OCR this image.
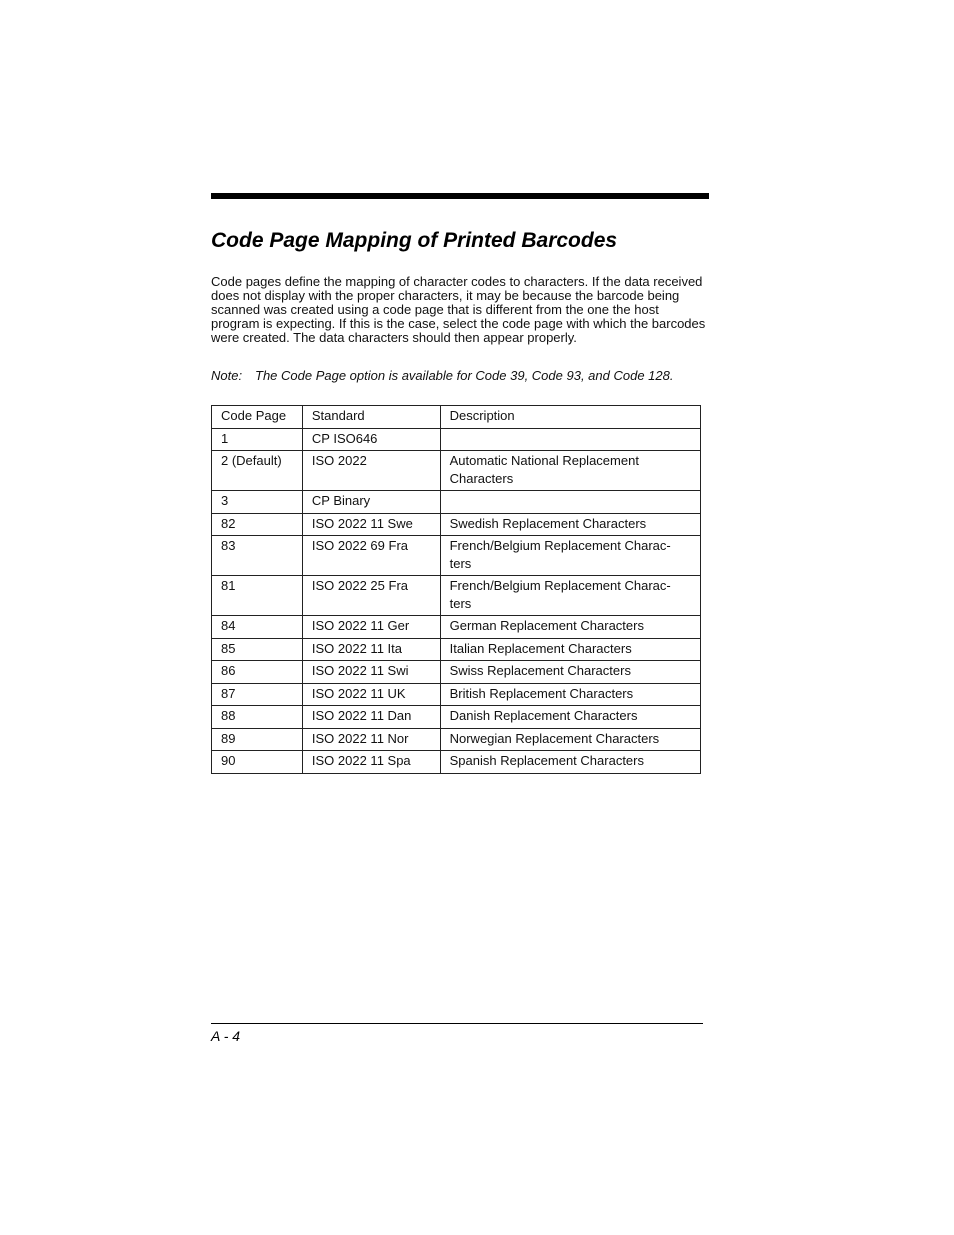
Code Page Mapping of Printed Barcodes

Code pages define the mapping of character codes to characters. If the data received does not display with the proper characters, it may be because the barcode being scanned was created using a code page that is different from the one the host program is expecting. If this is the case, select the code page with which the barcodes were created. The data characters should then appear properly.

Note: The Code Page option is available for Code 39, Code 93, and Code 128.

Code Page	Standard	Description
1	CP ISO646	
2 (Default)	ISO 2022	Automatic National Replacement Characters
3	CP Binary	
82	ISO 2022 11 Swe	Swedish Replacement Characters
83	ISO 2022 69 Fra	French/Belgium Replacement Charac-ters
81	ISO 2022 25 Fra	French/Belgium Replacement Charac-ters
84	ISO 2022 11 Ger	German Replacement Characters
85	ISO 2022 11 Ita	Italian Replacement Characters
86	ISO 2022 11 Swi	Swiss Replacement Characters
87	ISO 2022 11 UK	British Replacement Characters
88	ISO 2022 11 Dan	Danish Replacement Characters
89	ISO 2022 11 Nor	Norwegian Replacement Characters
90	ISO 2022 11 Spa	Spanish Replacement Characters

A - 4
